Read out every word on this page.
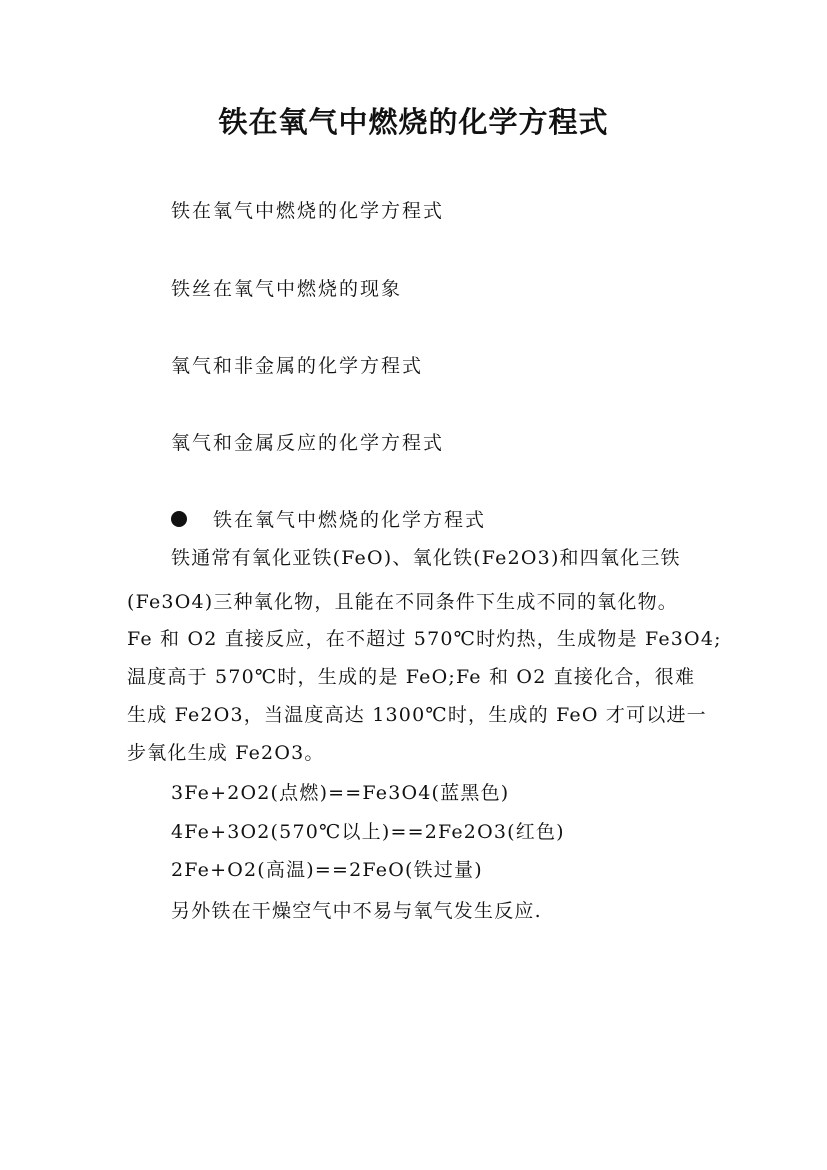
铁在氧气中燃烧的化学方程式
铁在氧气中燃烧的化学方程式
铁丝在氧气中燃烧的现象
氧气和非金属的化学方程式
氧气和金属反应的化学方程式
铁在氧气中燃烧的化学方程式
铁通常有氧化亚铁(FeO)、氧化铁(Fe2O3)和四氧化三铁
(Fe3O4)三种氧化物，且能在不同条件下生成不同的氧化物。
Fe 和 O2 直接反应，在不超过 570℃时灼热，生成物是 Fe3O4;
温度高于 570℃时，生成的是 FeO;Fe 和 O2 直接化合，很难
生成 Fe2O3，当温度高达 1300℃时，生成的 FeO 才可以进一
步氧化生成 Fe2O3。
3Fe+2O2(点燃)==Fe3O4(蓝黑色)
4Fe+3O2(570℃以上)==2Fe2O3(红色)
2Fe+O2(高温)==2FeO(铁过量)
另外铁在干燥空气中不易与氧气发生反应.
